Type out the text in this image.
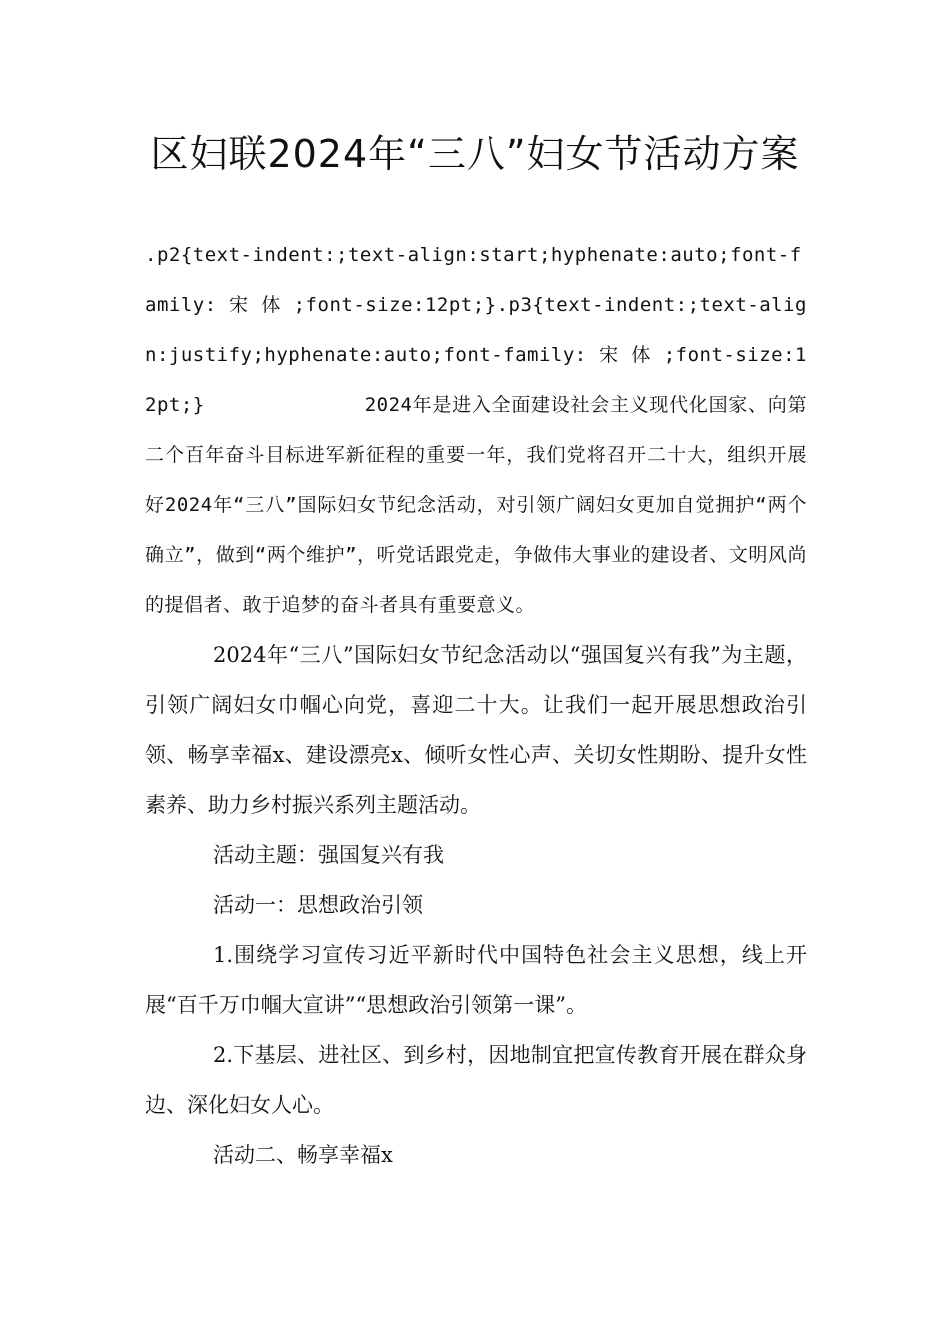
区妇联2024年“三八”妇女节活动方案

.p2{text-indent:;text-align:start;hyphenate:auto;font-family: 宋 体 ;font-size:12pt;}.p3{text-indent:;text-align:justify;hyphenate:auto;font-family: 宋 体 ;font-size:12pt;}	2024年是进入全面建设社会主义现代化国家、向第二个百年奋斗目标进军新征程的重要一年，我们党将召开二十大，组织开展好2024年“三八”国际妇女节纪念活动，对引领广阔妇女更加自觉拥护“两个确立”，做到“两个维护”，听党话跟党走，争做伟大事业的建设者、文明风尚的提倡者、敢于追梦的奋斗者具有重要意义。

2024年“三八”国际妇女节纪念活动以“强国复兴有我”为主题，引领广阔妇女巾帼心向党，喜迎二十大。让我们一起开展思想政治引领、畅享幸福x、建设漂亮x、倾听女性心声、关切女性期盼、提升女性素养、助力乡村振兴系列主题活动。

活动主题：强国复兴有我

活动一：思想政治引领

1.围绕学习宣传习近平新时代中国特色社会主义思想，线上开展“百千万巾帼大宣讲”“思想政治引领第一课”。

2.下基层、进社区、到乡村，因地制宜把宣传教育开展在群众身边、深化妇女人心。

活动二、畅享幸福x
